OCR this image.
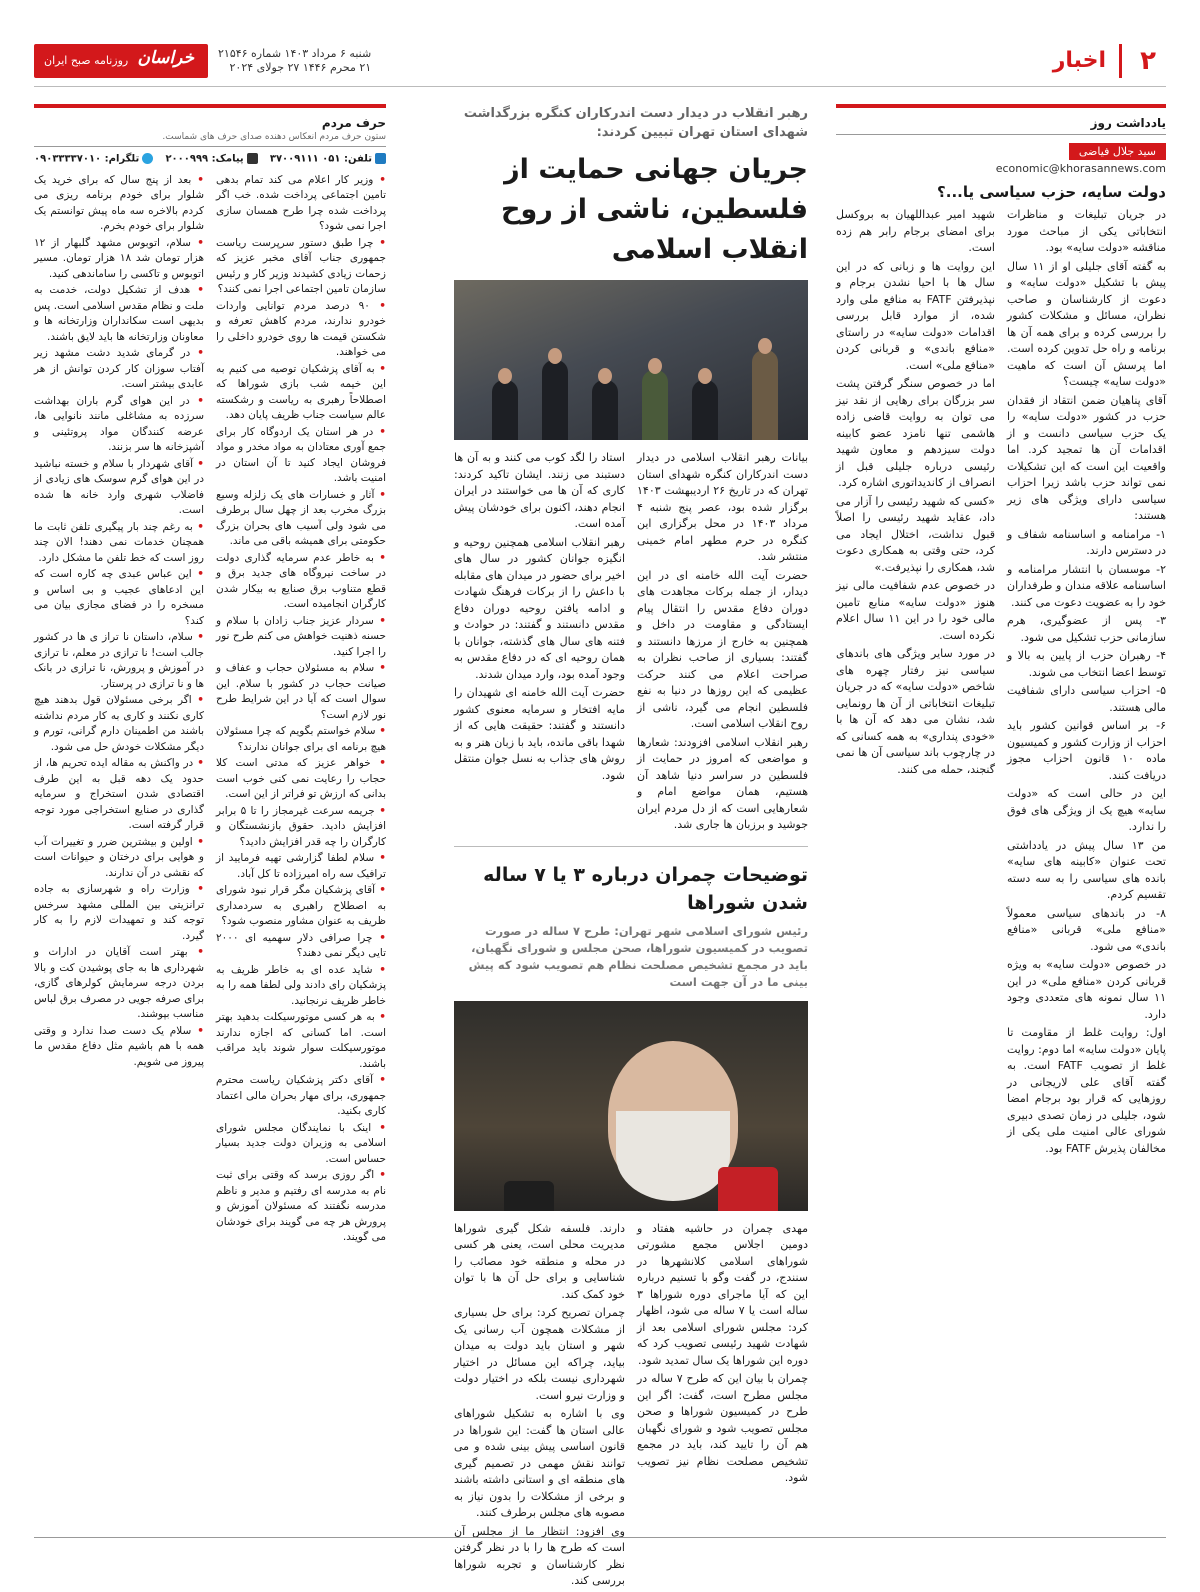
۲
اخبار
شنبه ۶ مرداد ۱۴۰۳ شماره ۲۱۵۴۶
۲۱ محرم ۱۴۴۶ ۲۷ جولای ۲۰۲۴
خراسان
روزنامه صبح ایران
یادداشت روز
سید جلال فیاضی
economic@khorasannews.com
دولت سایه، حزب سیاسی یا...؟

در جریان تبلیغات و مناظرات انتخاباتی یکی از مباحث مورد مناقشه «دولت سایه» بود.

به گفته آقای جلیلی او از ۱۱ سال پیش با تشکیل «دولت سایه» و دعوت از کارشناسان و صاحب نظران، مسائل و مشکلات کشور را بررسی کرده و برای همه آن ها برنامه و راه حل تدوین کرده است. اما پرسش آن است که ماهیت «دولت سایه» چیست؟

آقای پناهیان ضمن انتقاد از فقدان حزب در کشور «دولت سایه» را یک حزب سیاسی دانست و از اقدامات آن ها تمجید کرد. اما واقعیت این است که این تشکیلات نمی تواند حزب باشد زیرا احزاب سیاسی دارای ویژگی های زیر هستند:

۱- مرامنامه و اساسنامه شفاف و در دسترس دارند.

۲- موسسان با انتشار مرامنامه و اساسنامه علاقه مندان و طرفداران خود را به عضویت دعوت می کنند.

۳- پس از عضوگیری، هرم سازمانی حزب تشکیل می شود.

۴- رهبران حزب از پایین به بالا و توسط اعضا انتخاب می شوند.

۵- احزاب سیاسی دارای شفافیت مالی هستند.

۶- بر اساس قوانین کشور باید احزاب از وزارت کشور و کمیسیون ماده ۱۰ قانون احزاب مجوز دریافت کنند.

این در حالی است که «دولت سایه» هیچ یک از ویژگی های فوق را ندارد.

من ۱۳ سال پیش در یادداشتی تحت عنوان «کابینه های سایه» بانده های سیاسی را به سه دسته تقسیم کردم.

۸- در باندهای سیاسی معمولاً «منافع ملی» قربانی «منافع باندی» می شود.

در خصوص «دولت سایه» به ویژه قربانی کردن «منافع ملی» در این ۱۱ سال نمونه های متعددی وجود دارد.

اول: روایت غلط از مقاومت تا پایان «دولت سایه» اما دوم: روایت غلط از تصویب FATF است. به گفته آقای علی لاریجانی در روزهایی که قرار بود برجام امضا شود، جلیلی در زمان تصدی دبیری شورای عالی امنیت ملی یکی از مخالفان پذیرش FATF بود.

شهید امیر عبداللهیان به بروکسل برای امضای برجام رابر هم زده است.

این روایت ها و زبانی که در این سال ها با احیا نشدن برجام و نپذیرفتن FATF به منافع ملی وارد شده، از موارد قابل بررسی اقدامات «دولت سایه» در راستای «منافع باندی» و قربانی کردن «منافع ملی» است.

اما در خصوص سنگر گرفتن پشت سر بزرگان برای رهایی از نقد نیز می توان به روایت قاضی زاده هاشمی تنها نامزد عضو کابینه دولت سیزدهم و معاون شهید رئیسی درباره جلیلی قبل از انصراف از کاندیداتوری اشاره کرد.

«کسی که شهید رئیسی را آزار می داد، عقاید شهید رئیسی را اصلاً قبول نداشت، اختلال ایجاد می کرد، حتی وقتی به همکاری دعوت شد، همکاری را نپذیرفت.»

در خصوص عدم شفافیت مالی نیز هنوز «دولت سایه» منابع تامین مالی خود را در این ۱۱ سال اعلام نکرده است.

در مورد سایر ویژگی های باندهای سیاسی نیز رفتار چهره های شاخص «دولت سایه» که در جریان تبلیغات انتخاباتی از آن ها رونمایی شد، نشان می دهد که آن ها با «خودی پنداری» به همه کسانی که در چارچوب باند سیاسی آن ها نمی گنجند، حمله می کنند.

رهبر انقلاب در دیدار دست اندرکاران کنگره بزرگداشت شهدای استان تهران تبیین کردند:
جریان جهانی حمایت از فلسطین، ناشی از روح انقلاب اسلامی

بیانات رهبر انقلاب اسلامی در دیدار دست اندرکاران کنگره شهدای استان تهران که در تاریخ ۲۶ اردیبهشت ۱۴۰۳ برگزار شده بود، عصر پنج شنبه ۴ مرداد ۱۴۰۳ در محل برگزاری این کنگره در حرم مطهر امام خمینی منتشر شد.

حضرت آیت الله خامنه ای در این دیدار، از جمله برکات مجاهدت های دوران دفاع مقدس را انتقال پیام ایستادگی و مقاومت در داخل و همچنین به خارج از مرزها دانستند و گفتند: بسیاری از صاحب نظران به صراحت اعلام می کنند حرکت عظیمی که این روزها در دنیا به نفع فلسطین انجام می گیرد، ناشی از روح انقلاب اسلامی است.

رهبر انقلاب اسلامی افزودند: شعارها و مواضعی که امروز در حمایت از فلسطین در سراسر دنیا شاهد آن هستیم، همان مواضع امام و شعارهایی است که از دل مردم ایران جوشید و برزبان ها جاری شد.

استاد را لگد کوب می کنند و به آن ها دستبند می زنند. ایشان تاکید کردند: کاری که آن ها می خواستند در ایران انجام دهند، اکنون برای خودشان پیش آمده است.

رهبر انقلاب اسلامی همچنین روحیه و انگیزه جوانان کشور در سال های اخیر برای حضور در میدان های مقابله با داعش را از برکات فرهنگ شهادت و ادامه یافتن روحیه دوران دفاع مقدس دانستند و گفتند: در حوادث و فتنه های سال های گذشته، جوانان با همان روحیه ای که در دفاع مقدس به وجود آمده بود، وارد میدان شدند.

حضرت آیت الله خامنه ای شهیدان را مایه افتخار و سرمایه معنوی کشور دانستند و گفتند: حقیقت هایی که از شهدا باقی مانده، باید با زبان هنر و به روش های جذاب به نسل جوان منتقل شود.

توضیحات چمران درباره ۳ یا ۷ ساله شدن شوراها
رئیس شورای اسلامی شهر تهران: طرح ۷ ساله در صورت تصویب در کمیسیون شوراها، صحن مجلس و شورای نگهبان، باید در مجمع تشخیص مصلحت نظام هم تصویب شود که پیش بینی ما در آن جهت است

مهدی چمران در حاشیه هفتاد و دومین اجلاس مجمع مشورتی شوراهای اسلامی کلانشهرها در سنندج، در گفت وگو با تسنیم درباره این که آیا ماجرای دوره شوراها ۳ ساله است یا ۷ ساله می شود، اظهار کرد: مجلس شورای اسلامی بعد از شهادت شهید رئیسی تصویب کرد که دوره این شوراها یک سال تمدید شود.

چمران با بیان این که طرح ۷ ساله در مجلس مطرح است، گفت: اگر این طرح در کمیسیون شوراها و صحن مجلس تصویب شود و شورای نگهبان هم آن را تایید کند، باید در مجمع تشخیص مصلحت نظام نیز تصویب شود.

دارند. فلسفه شکل گیری شوراها مدیریت محلی است، یعنی هر کسی در محله و منطقه خود مصائب را شناسایی و برای حل آن ها با توان خود کمک کند.

چمران تصریح کرد: برای حل بسیاری از مشکلات همچون آب رسانی یک شهر و استان باید دولت به میدان بیاید، چراکه این مسائل در اختیار شهرداری نیست بلکه در اختیار دولت و وزارت نیرو است.

وی با اشاره به تشکیل شوراهای عالی استان ها گفت: این شوراها در قانون اساسی پیش بینی شده و می توانند نقش مهمی در تصمیم گیری های منطقه ای و استانی داشته باشند و برخی از مشکلات را بدون نیاز به مصوبه های مجلس برطرف کنند.

وی افزود: انتظار ما از مجلس آن است که طرح ها را با در نظر گرفتن نظر کارشناسان و تجربه شوراها بررسی کند.

حرف مردم
ستون حرف مردم انعکاس دهنده صدای حرف های شماست.
تلفن: ۰۵۱ ۳۷۰۰۹۱۱۱
پیامک: ۲۰۰۰۹۹۹
تلگرام: ۰۹۰۳۳۳۳۷۰۱۰

• وزیر کار اعلام می کند تمام بدهی تامین اجتماعی پرداخت شده. خب اگر پرداخت شده چرا طرح همسان سازی اجرا نمی شود؟

• چرا طبق دستور سرپرست ریاست جمهوری جناب آقای مخبر عزیز که زحمات زیادی کشیدند وزیر کار و رئیس سازمان تامین اجتماعی اجرا نمی کنند؟

• ۹۰ درصد مردم توانایی واردات خودرو ندارند، مردم کاهش تعرفه و شکستن قیمت ها روی خودرو داخلی را می خواهند.

• به آقای پزشکیان توصیه می کنیم به این خیمه شب بازی شوراها که اصطلاحاً رهبری به ریاست و رشکسته عالم سیاست جناب ظریف پایان دهد.

• در هر استان یک اردوگاه کار برای جمع آوری معتادان به مواد مخدر و مواد فروشان ایجاد کنید تا آن استان در امنیت باشد.

• آثار و خسارات های یک زلزله وسیع بزرگ مخرب بعد از چهل سال برطرف می شود ولی آسیب های بحران بزرگ حکومتی برای همیشه باقی می ماند.

• به خاطر عدم سرمایه گذاری دولت در ساخت نیروگاه های جدید برق و قطع متناوب برق صنایع به بیکار شدن کارگران انجامیده است.

• سردار عزیز جناب زادان با سلام و حسنه ذهنیت خواهش می کنم طرح نور را اجرا کنید.

• سلام به مسئولان حجاب و عفاف و صیانت حجاب در کشور با سلام. این سوال است که آیا در این شرایط طرح نور لازم است؟

• سلام خواستم بگویم که چرا مسئولان هیچ برنامه ای برای جوانان ندارند؟

• خواهر عزیز که مدتی است کلا حجاب را رعایت نمی کنی خوب است بدانی که ارزش تو فراتر از این است.

• جریمه سرعت غیرمجاز را تا ۵ برابر افزایش دادید. حقوق بازنشستگان و کارگران را چه قدر افزایش دادید؟

• سلام لطفا گزارشی تهیه فرمایید از ترافیک سه راه امیرزاده تا کل آباد.

• آقای پزشکیان مگر قرار نبود شورای به اصطلاح راهبری به سردمداری ظریف به عنوان مشاور منصوب شود؟

• چرا صرافی دلار سهمیه ای ۲۰۰۰ تایی دیگر نمی دهند؟

• شاید عده ای به خاطر ظریف به پزشکیان رای دادند ولی لطفا همه را به خاطر ظریف نرنجانید.

• به هر کسی موتورسیکلت بدهید بهتر است. اما کسانی که اجازه ندارند موتورسیکلت سوار شوند باید مراقب باشند.

• آقای دکتر پزشکیان ریاست محترم جمهوری، برای مهار بحران مالی اعتماد کاری بکنید.

• اینک با نمایندگان مجلس شورای اسلامی به وزیران دولت جدید بسیار حساس است.

• اگر روزی برسد که وقتی برای ثبت نام به مدرسه ای رفتیم و مدیر و ناظم مدرسه نگفتند که مسئولان آموزش و پرورش هر چه می گویند برای خودشان می گویند.

• بعد از پنج سال که برای خرید یک شلوار برای خودم برنامه ریزی می کردم بالاخره سه ماه پیش توانستم یک شلوار برای خودم بخرم.

• سلام، اتوبوس مشهد گلبهار از ۱۲ هزار تومان شد ۱۸ هزار تومان. مسیر اتوبوس و تاکسی را ساماندهی کنید.

• هدف از تشکیل دولت، خدمت به ملت و نظام مقدس اسلامی است. پس بدیهی است سکانداران وزارتخانه ها و معاونان وزارتخانه ها باید لایق باشند.

• در گرمای شدید دشت مشهد زیر آفتاب سوزان کار کردن توانش از هر عابدی بیشتر است.

• در این هوای گرم باران بهداشت سرزده به مشاغلی مانند نانوایی ها، عرضه کنندگان مواد پروتئینی و آشپزخانه ها سر بزنند.

• آقای شهردار با سلام و خسته نباشید در این هوای گرم سوسک های زیادی از فاضلاب شهری وارد خانه ها شده است.

• به رغم چند بار پیگیری تلفن ثابت ما همچنان خدمات نمی دهند! الان چند روز است که خط تلفن ما مشکل دارد.

• این عباس عبدی چه کاره است که این ادعاهای عجیب و بی اساس و مسخره را در فضای مجازی بیان می کند؟

• سلام، داستان نا تراز ی ها در کشور جالب است! نا ترازی در معلم، نا ترازی در آموزش و پرورش، نا ترازی در بانک ها و نا ترازی در پرستار.

• اگر برخی مسئولان قول بدهند هیچ کاری نکنند و کاری به کار مردم نداشته باشند من اطمینان دارم گرانی، تورم و دیگر مشکلات خودش حل می شود.

• در واکنش به مقاله ایده تحریم ها، از حدود یک دهه قبل به این طرف اقتصادی شدن استخراج و سرمایه گذاری در صنایع استخراجی مورد توجه قرار گرفته است.

• اولین و بیشترین ضرر و تغییرات آب و هوایی برای درختان و حیوانات است که نقشی در آن ندارند.

• وزارت راه و شهرسازی به جاده ترانزیتی بین المللی مشهد سرخس توجه کند و تمهیدات لازم را به کار گیرد.

• بهتر است آقایان در ادارات و شهرداری ها به جای پوشیدن کت و بالا بردن درجه سرمایش کولرهای گازی، برای صرفه جویی در مصرف برق لباس مناسب بپوشند.

• سلام یک دست صدا ندارد و وقتی همه با هم باشیم مثل دفاع مقدس ما پیروز می شویم.
